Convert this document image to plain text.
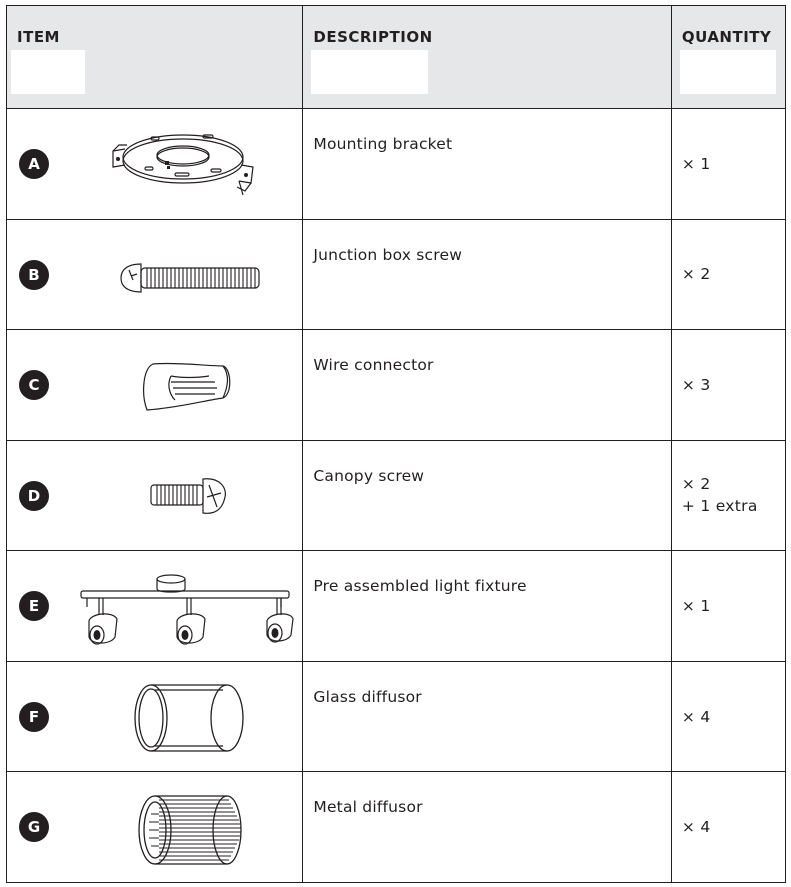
ITEM	DESCRIPTION	QUANTITY

A	Mounting bracket	× 1

B	Junction box screw	× 2

C	Wire connector	× 3

D	Canopy screw	× 2
+ 1 extra

E	Pre assembled light fixture	× 1

F	Glass diffusor	× 4

G	Metal diffusor	× 4
